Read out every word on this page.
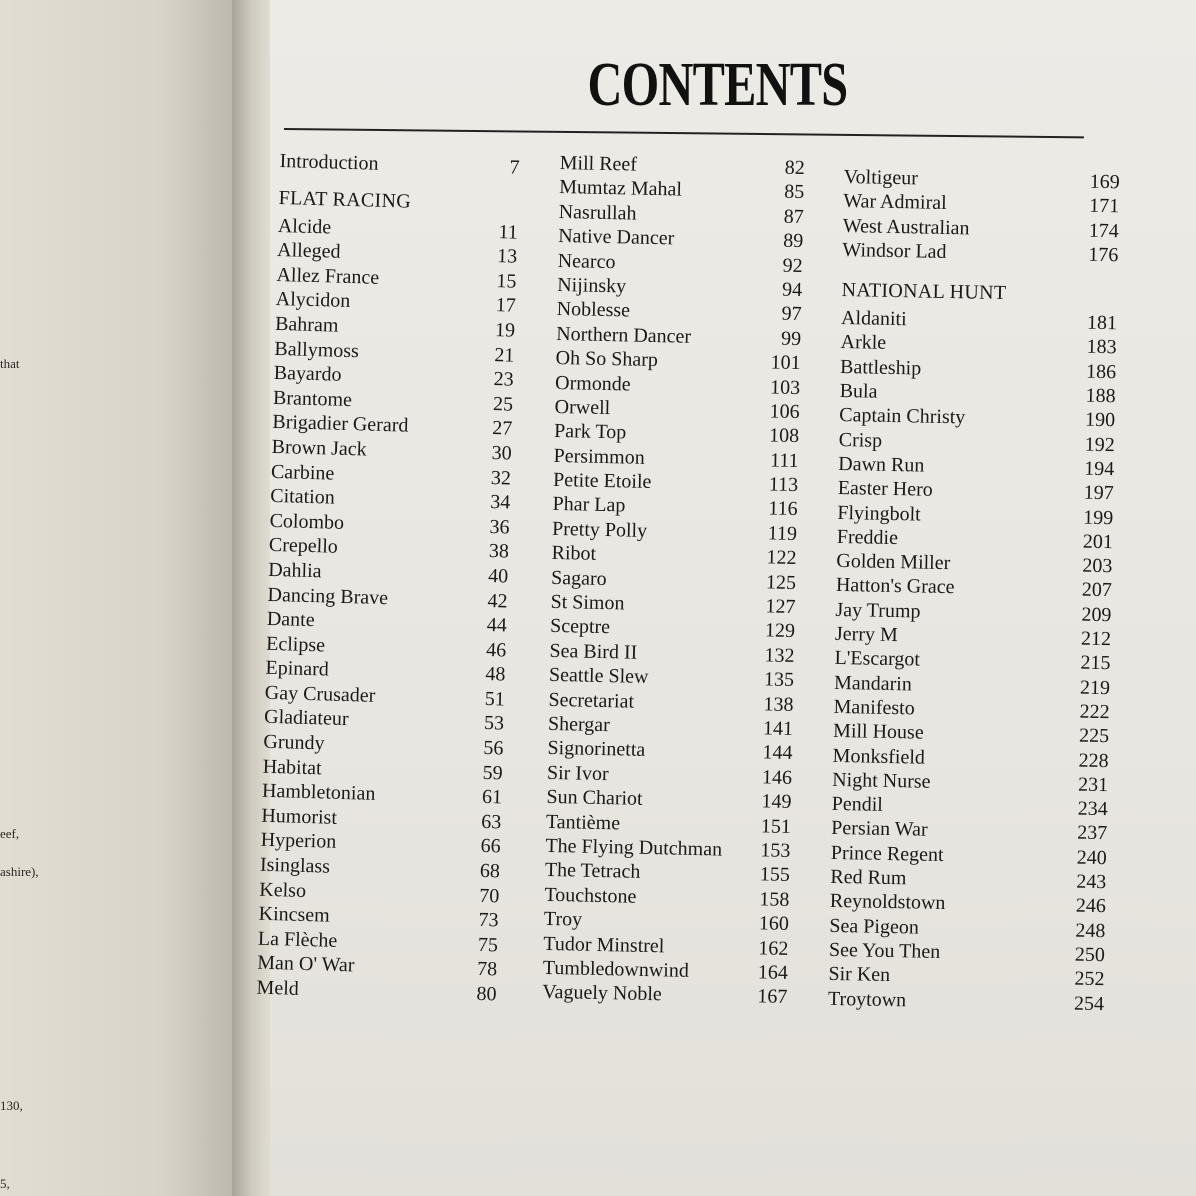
that
eef,
ashire),
130,
5,
CONTENTS
Introduction	7
FLAT RACING
Alcide	11
Alleged	13
Allez France	15
Alycidon	17
Bahram	19
Ballymoss	21
Bayardo	23
Brantome	25
Brigadier Gerard	27
Brown Jack	30
Carbine	32
Citation	34
Colombo	36
Crepello	38
Dahlia	40
Dancing Brave	42
Dante	44
Eclipse	46
Epinard	48
Gay Crusader	51
Gladiateur	53
Grundy	56
Habitat	59
Hambletonian	61
Humorist	63
Hyperion	66
Isinglass	68
Kelso	70
Kincsem	73
La Flèche	75
Man O' War	78
Meld	80
Mill Reef	82
Mumtaz Mahal	85
Nasrullah	87
Native Dancer	89
Nearco	92
Nijinsky	94
Noblesse	97
Northern Dancer	99
Oh So Sharp	101
Ormonde	103
Orwell	106
Park Top	108
Persimmon	111
Petite Etoile	113
Phar Lap	116
Pretty Polly	119
Ribot	122
Sagaro	125
St Simon	127
Sceptre	129
Sea Bird II	132
Seattle Slew	135
Secretariat	138
Shergar	141
Signorinetta	144
Sir Ivor	146
Sun Chariot	149
Tantième	151
The Flying Dutchman	153
The Tetrach	155
Touchstone	158
Troy	160
Tudor Minstrel	162
Tumbledownwind	164
Vaguely Noble	167
Voltigeur	169
War Admiral	171
West Australian	174
Windsor Lad	176
NATIONAL HUNT
Aldaniti	181
Arkle	183
Battleship	186
Bula	188
Captain Christy	190
Crisp	192
Dawn Run	194
Easter Hero	197
Flyingbolt	199
Freddie	201
Golden Miller	203
Hatton's Grace	207
Jay Trump	209
Jerry M	212
L'Escargot	215
Mandarin	219
Manifesto	222
Mill House	225
Monksfield	228
Night Nurse	231
Pendil	234
Persian War	237
Prince Regent	240
Red Rum	243
Reynoldstown	246
Sea Pigeon	248
See You Then	250
Sir Ken	252
Troytown	254
